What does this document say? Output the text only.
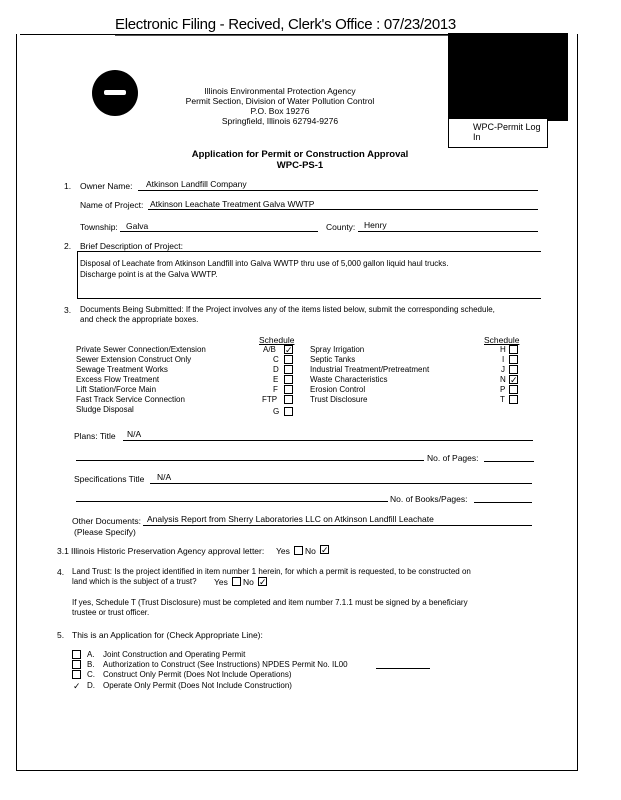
Electronic Filing - Recived, Clerk's Office : 07/23/2013
WPC-Permit Log In
Illinois Environmental Protection Agency
Permit Section, Division of Water Pollution Control
P.O. Box 19276
Springfield, Illinois 62794-9276
Application for Permit or Construction Approval
WPC-PS-1
1. Owner Name: Atkinson Landfill Company
Name of Project: Atkinson Leachate Treatment Galva WWTP
Township: Galva	County: Henry
2. Brief Description of Project:
Disposal of Leachate from Atkinson Landfill into Galva WWTP thru use of 5,000 gallon liquid haul trucks.
Discharge point is at the Galva WWTP.
3. Documents Being Submitted: If the Project involves any of the items listed below, submit the corresponding schedule,
and check the appropriate boxes.
Schedule	Schedule
Private Sewer Connection/Extension	A/B ✓
Sewer Extension Construct Only	C
Sewage Treatment Works	D
Excess Flow Treatment	E
Lift Station/Force Main	F
Fast Track Service Connection	FTP
Sludge Disposal	G
Spray Irrigation	H
Septic Tanks	I
Industrial Treatment/Pretreatment	J
Waste Characteristics	N ✓
Erosion Control	P
Trust Disclosure	T
Plans: Title N/A
No. of Pages:
Specifications Title N/A
No. of Books/Pages:
Other Documents: Analysis Report from Sherry Laboratories LLC on Atkinson Landfill Leachate
(Please Specify)
3.1 Illinois Historic Preservation Agency approval letter: Yes No ✓
4. Land Trust: Is the project identified in item number 1 herein, for which a permit is requested, to be constructed on
land which is the subject of a trust? Yes No ✓
If yes, Schedule T (Trust Disclosure) must be completed and item number 7.1.1 must be signed by a beneficiary
trustee or trust officer.
5. This is an Application for (Check Appropriate Line):
A. Joint Construction and Operating Permit
B. Authorization to Construct (See Instructions) NPDES Permit No. IL00
C. Construct Only Permit (Does Not Include Operations)
✓ D. Operate Only Permit (Does Not Include Construction)
